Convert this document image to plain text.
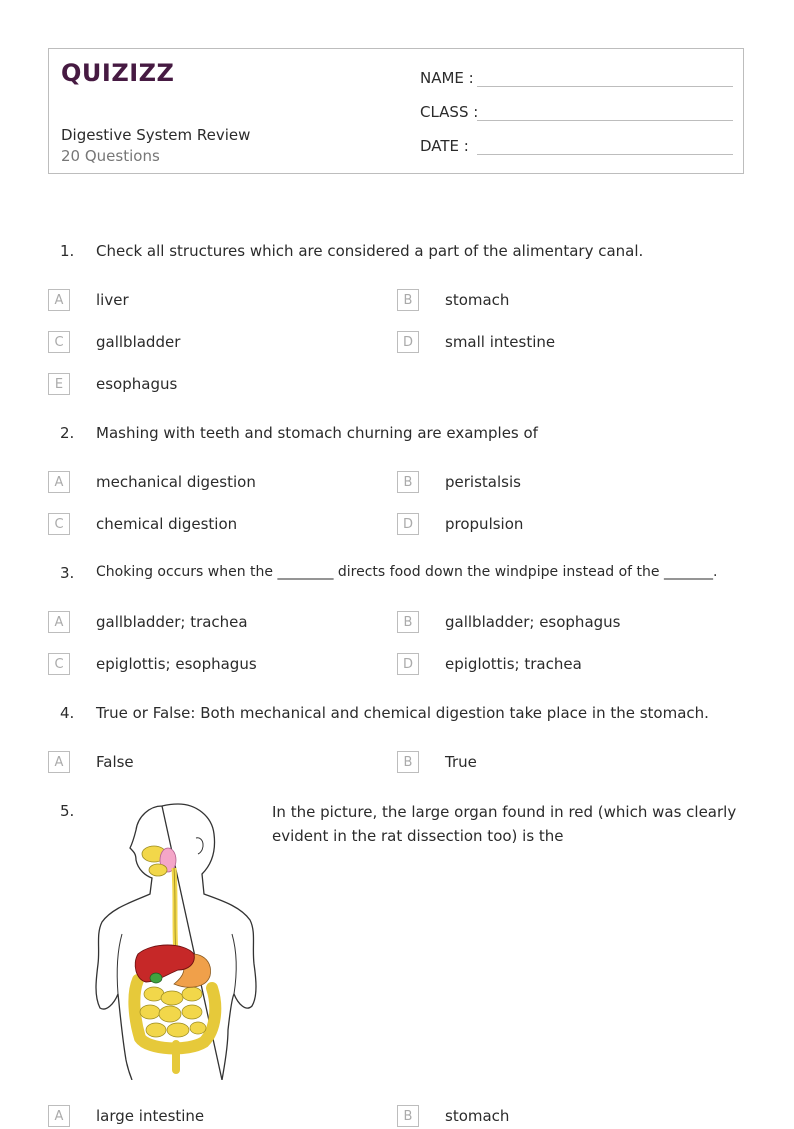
QUIZIZZ
Digestive System Review
20 Questions
NAME :
CLASS :
DATE :
1. Check all structures which are considered a part of the alimentary canal.
A	liver	B	stomach
C	gallbladder	D	small intestine
E	esophagus
2. Mashing with teeth and stomach churning are examples of
A	mechanical digestion	B	peristalsis
C	chemical digestion	D	propulsion
3. Choking occurs when the ________ directs food down the windpipe instead of the _______.
A	gallbladder; trachea	B	gallbladder; esophagus
C	epiglottis; esophagus	D	epiglottis; trachea
4. True or False: Both mechanical and chemical digestion take place in the stomach.
A	False	B	True
5.	In the picture, the large organ found in red (which was clearly evident in the rat dissection too) is the
A	large intestine	B	stomach
